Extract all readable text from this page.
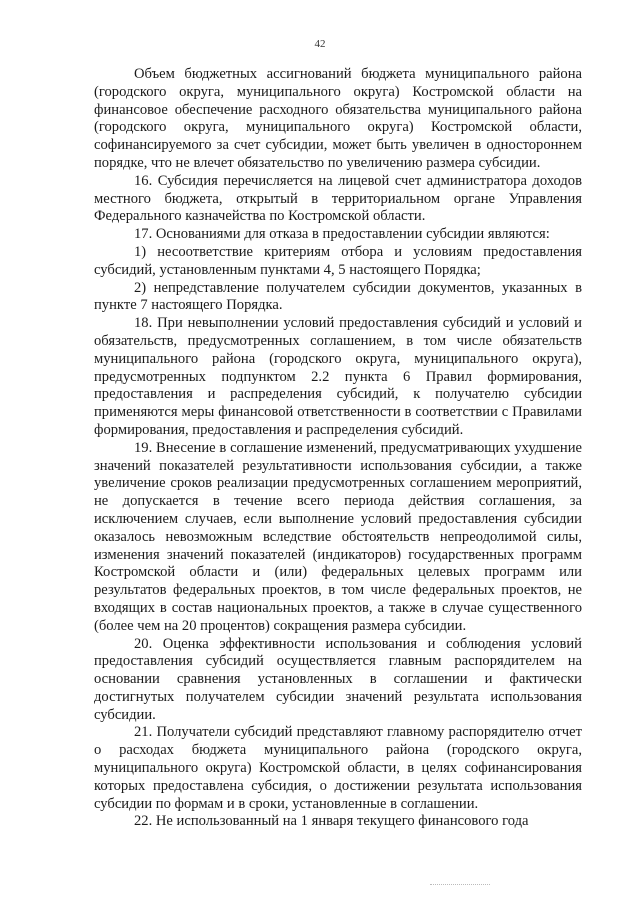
42

Объем бюджетных ассигнований бюджета муниципального района (городского округа, муниципального округа) Костромской области на финансовое обеспечение расходного обязательства муниципального района (городского округа, муниципального округа) Костромской области, софинансируемого за счет субсидии, может быть увеличен в одностороннем порядке, что не влечет обязательство по увеличению размера субсидии.

16. Субсидия перечисляется на лицевой счет администратора доходов местного бюджета, открытый в территориальном органе Управления Федерального казначейства по Костромской области.

17. Основаниями для отказа в предоставлении субсидии являются:

1) несоответствие критериям отбора и условиям предоставления субсидий, установленным пунктами 4, 5 настоящего Порядка;

2) непредставление получателем субсидии документов, указанных в пункте 7 настоящего Порядка.

18. При невыполнении условий предоставления субсидий и условий и обязательств, предусмотренных соглашением, в том числе обязательств муниципального района (городского округа, муниципального округа), предусмотренных подпунктом 2.2 пункта 6 Правил формирования, предоставления и распределения субсидий, к получателю субсидии применяются меры финансовой ответственности в соответствии с Правилами формирования, предоставления и распределения субсидий.

19. Внесение в соглашение изменений, предусматривающих ухудшение значений показателей результативности использования субсидии, а также увеличение сроков реализации предусмотренных соглашением мероприятий, не допускается в течение всего периода действия соглашения, за исключением случаев, если выполнение условий предоставления субсидии оказалось невозможным вследствие обстоятельств непреодолимой силы, изменения значений показателей (индикаторов) государственных программ Костромской области и (или) федеральных целевых программ или результатов федеральных проектов, в том числе федеральных проектов, не входящих в состав национальных проектов, а также в случае существенного (более чем на 20 процентов) сокращения размера субсидии.

20. Оценка эффективности использования и соблюдения условий предоставления субсидий осуществляется главным распорядителем на основании сравнения установленных в соглашении и фактически достигнутых получателем субсидии значений результата использования субсидии.

21. Получатели субсидий представляют главному распорядителю отчет о расходах бюджета муниципального района (городского округа, муниципального округа) Костромской области, в целях софинансирования которых предоставлена субсидия, о достижении результата использования субсидии по формам и в сроки, установленные в соглашении.

22. Не использованный на 1 января текущего финансового года
